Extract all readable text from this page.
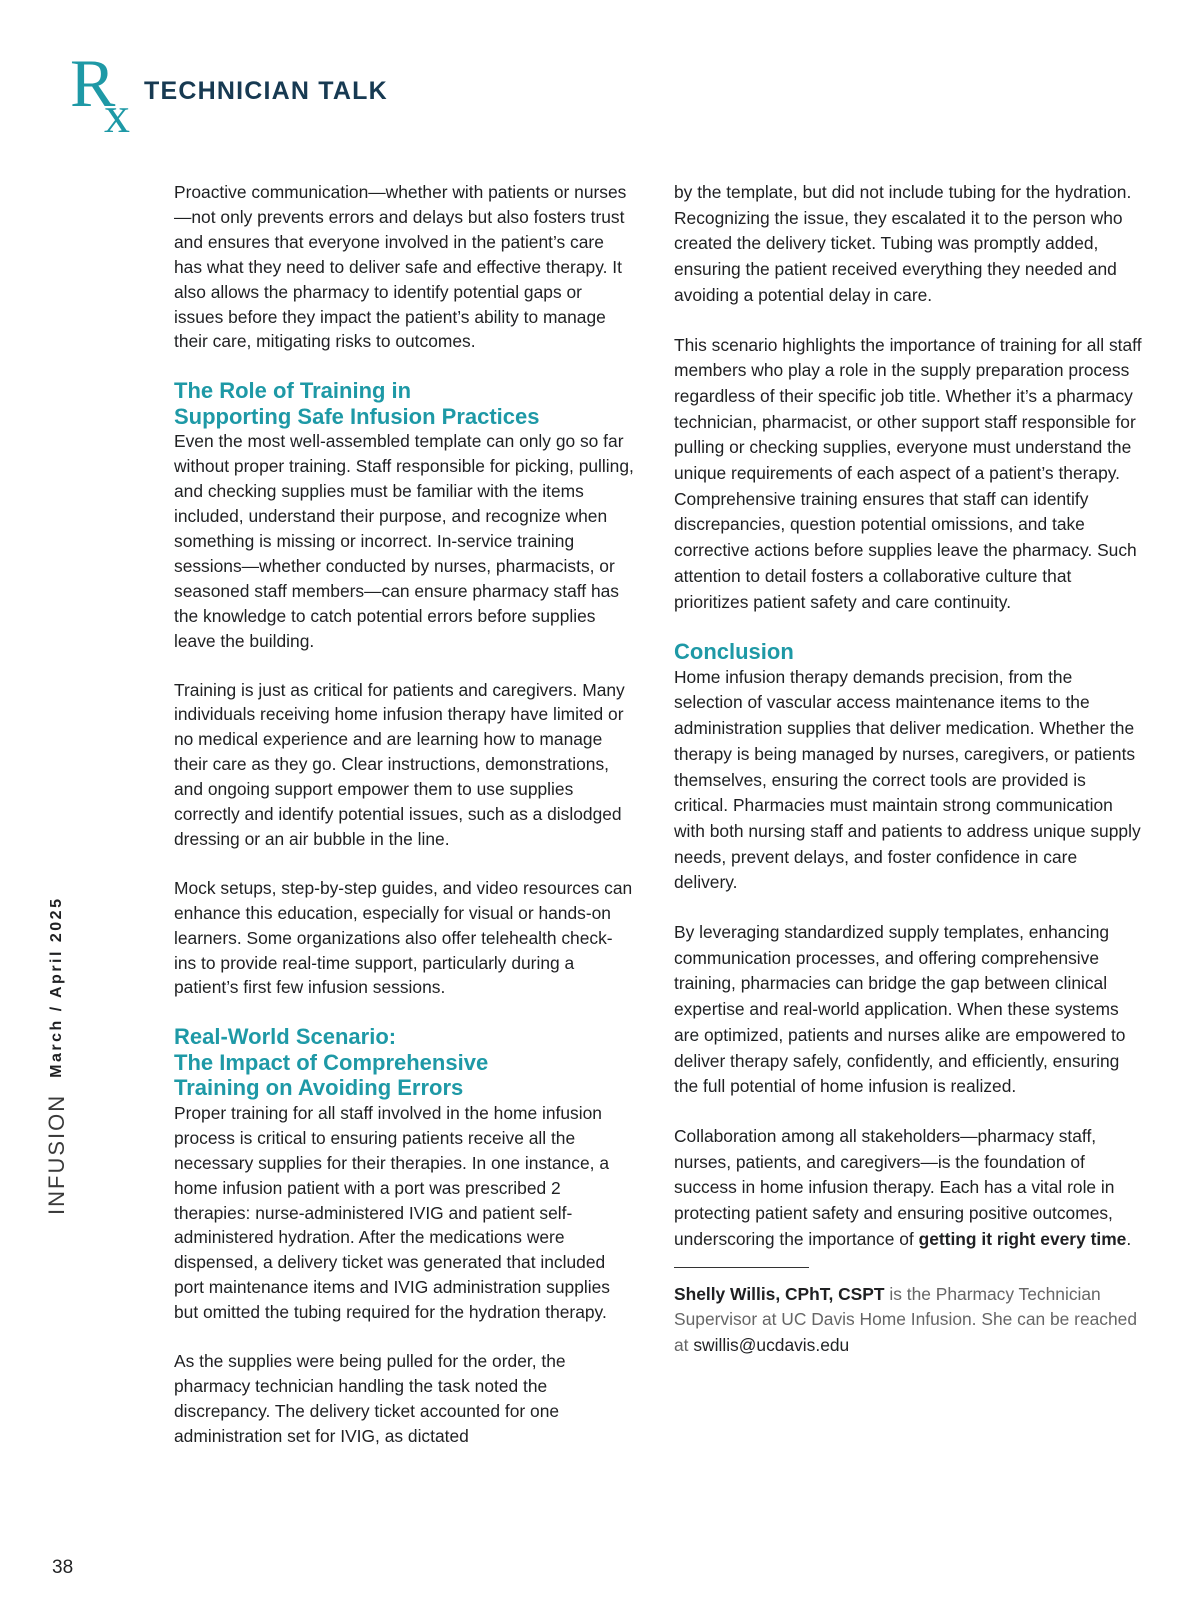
R
x TECHNICIAN TALK

Proactive communication—whether with patients or nurses—not only prevents errors and delays but also fosters trust and ensures that everyone involved in the patient’s care has what they need to deliver safe and effective therapy. It also allows the pharmacy to identify potential gaps or issues before they impact the patient’s ability to manage their care, mitigating risks to outcomes.

The Role of Training in
Supporting Safe Infusion Practices

Even the most well-assembled template can only go so far without proper training. Staff responsible for picking, pulling, and checking supplies must be familiar with the items included, understand their purpose, and recognize when something is missing or incorrect. In-service training sessions—whether conducted by nurses, pharmacists, or seasoned staff members—can ensure pharmacy staff has the knowledge to catch potential errors before supplies leave the building.

Training is just as critical for patients and caregivers. Many individuals receiving home infusion therapy have limited or no medical experience and are learning how to manage their care as they go. Clear instructions, demonstrations, and ongoing support empower them to use supplies correctly and identify potential issues, such as a dislodged dressing or an air bubble in the line.

Mock setups, step-by-step guides, and video resources can enhance this education, especially for visual or hands-on learners. Some organizations also offer telehealth check-ins to provide real-time support, particularly during a patient’s first few infusion sessions.

Real-World Scenario:
The Impact of Comprehensive
Training on Avoiding Errors

Proper training for all staff involved in the home infusion process is critical to ensuring patients receive all the necessary supplies for their therapies. In one instance, a home infusion patient with a port was prescribed 2 therapies: nurse-administered IVIG and patient self-administered hydration. After the medications were dispensed, a delivery ticket was generated that included port maintenance items and IVIG administration supplies but omitted the tubing required for the hydration therapy.

As the supplies were being pulled for the order, the pharmacy technician handling the task noted the discrepancy. The delivery ticket accounted for one administration set for IVIG, as dictated

by the template, but did not include tubing for the hydration. Recognizing the issue, they escalated it to the person who created the delivery ticket. Tubing was promptly added, ensuring the patient received everything they needed and avoiding a potential delay in care.

This scenario highlights the importance of training for all staff members who play a role in the supply preparation process regardless of their specific job title. Whether it’s a pharmacy technician, pharmacist, or other support staff responsible for pulling or checking supplies, everyone must understand the unique requirements of each aspect of a patient’s therapy. Comprehensive training ensures that staff can identify discrepancies, question potential omissions, and take corrective actions before supplies leave the pharmacy. Such attention to detail fosters a collaborative culture that prioritizes patient safety and care continuity.

Conclusion

Home infusion therapy demands precision, from the selection of vascular access maintenance items to the administration supplies that deliver medication. Whether the therapy is being managed by nurses, caregivers, or patients themselves, ensuring the correct tools are provided is critical. Pharmacies must maintain strong communication with both nursing staff and patients to address unique supply needs, prevent delays, and foster confidence in care delivery.

By leveraging standardized supply templates, enhancing communication processes, and offering comprehensive training, pharmacies can bridge the gap between clinical expertise and real-world application. When these systems are optimized, patients and nurses alike are empowered to deliver therapy safely, confidently, and efficiently, ensuring the full potential of home infusion is realized.

Collaboration among all stakeholders—pharmacy staff, nurses, patients, and caregivers—is the foundation of success in home infusion therapy. Each has a vital role in protecting patient safety and ensuring positive outcomes, underscoring the importance of getting it right every time.

Shelly Willis, CPhT, CSPT is the Pharmacy Technician Supervisor at UC Davis Home Infusion. She can be reached at swillis@ucdavis.edu

INFUSION
March / April 2025
38
